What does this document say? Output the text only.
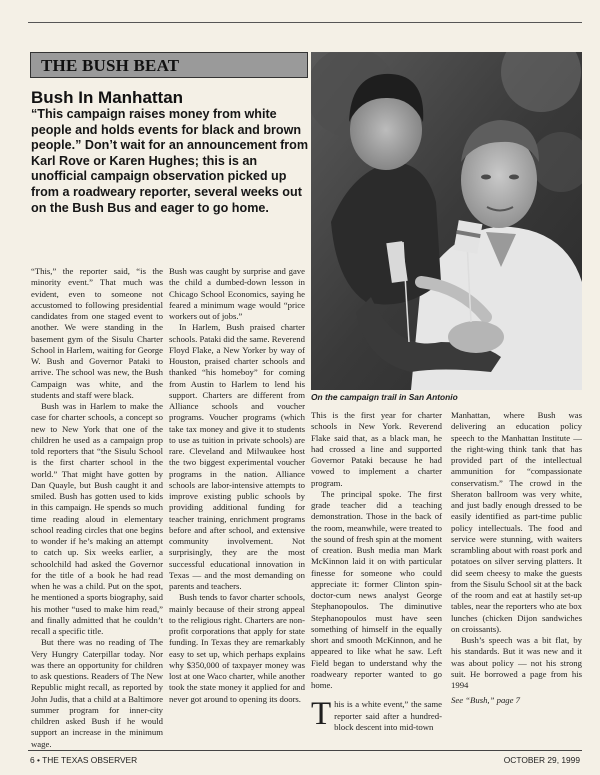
THE BUSH BEAT
Bush In Manhattan
“This campaign raises money from white people and holds events for black and brown people.” Don’t wait for an announcement from Karl Rove or Karen Hughes; this is an unofficial campaign observation picked up from a roadweary reporter, several weeks out on the Bush Bus and eager to go home.
On the campaign trail in San Antonio

“This,” the reporter said, “is the minority event.” That much was evident, even to someone not accustomed to following presidential candidates from one staged event to another. We were standing in the basement gym of the Sisulu Charter School in Harlem, waiting for George W. Bush and Governor Pataki to arrive. The school was new, the Bush Campaign was white, and the students and staff were black.

Bush was in Harlem to make the case for charter schools, a concept so new to New York that one of the children he used as a campaign prop told reporters that “the Sisulu School is the first charter school in the world.” That might have gotten by Dan Quayle, but Bush caught it and smiled. Bush has gotten used to kids in this campaign. He spends so much time reading aloud in elementary school reading circles that one begins to wonder if he’s making an attempt to catch up. Six weeks earlier, a schoolchild had asked the Governor for the title of a book he had read when he was a child. Put on the spot, he mentioned a sports biography, said his mother “used to make him read,” and finally admitted that he couldn’t recall a specific title.

But there was no reading of The Very Hungry Caterpillar today. Nor was there an opportunity for children to ask questions. Readers of The New Republic might recall, as reported by John Judis, that a child at a Baltimore summer program for inner-city children asked Bush if he would support an increase in the minimum wage.

Bush was caught by surprise and gave the child a dumbed-down lesson in Chicago School Economics, saying he feared a minimum wage would “price workers out of jobs.”

In Harlem, Bush praised charter schools. Pataki did the same. Reverend Floyd Flake, a New Yorker by way of Houston, praised charter schools and thanked “his homeboy” for coming from Austin to Harlem to lend his support. Charters are different from Alliance schools and voucher programs. Voucher programs (which take tax money and give it to students to use as tuition in private schools) are rare. Cleveland and Milwaukee host the two biggest experimental voucher programs in the nation. Alliance schools are labor-intensive attempts to improve existing public schools by providing additional funding for teacher training, enrichment programs before and after school, and extensive community involvement. Not surprisingly, they are the most successful educational innovation in Texas — and the most demanding on parents and teachers.

Bush tends to favor charter schools, mainly because of their strong appeal to the religious right. Charters are non-profit corporations that apply for state funding. In Texas they are remarkably easy to set up, which perhaps explains why $350,000 of taxpayer money was lost at one Waco charter, while another took the state money it applied for and never got around to opening its doors.

This is the first year for charter schools in New York. Reverend Flake said that, as a black man, he had crossed a line and supported Governor Pataki because he had vowed to implement a charter program.

The principal spoke. The first grade teacher did a teaching demonstration. Those in the back of the room, meanwhile, were treated to the sound of fresh spin at the moment of creation. Bush media man Mark McKinnon laid it on with particular finesse for someone who could appreciate it: former Clinton spin-doctor-cum news analyst George Stephanopoulos. The diminutive Stephanopoulos must have seen something of himself in the equally short and smooth McKinnon, and he appeared to like what he saw. Left Field began to understand why the roadweary reporter wanted to go home.

This is a white event,” the same reporter said after a hundred-block descent into mid-town

Manhattan, where Bush was delivering an education policy speech to the Manhattan Institute — the right-wing think tank that has provided part of the intellectual ammunition for “compassionate conservatism.” The crowd in the Sheraton ballroom was very white, and just badly enough dressed to be easily identified as part-time public policy intellectuals. The food and service were stunning, with waiters scrambling about with roast pork and potatoes on silver serving platters. It did seem cheesy to make the guests from the Sisulu School sit at the back of the room and eat at hastily set-up tables, near the reporters who ate box lunches (chicken Dijon sandwiches on croissants).

Bush’s speech was a bit flat, by his standards. But it was new and it was about policy — not his strong suit. He borrowed a page from his 1994

See “Bush,” page 7

6 • THE TEXAS OBSERVER	OCTOBER 29, 1999
